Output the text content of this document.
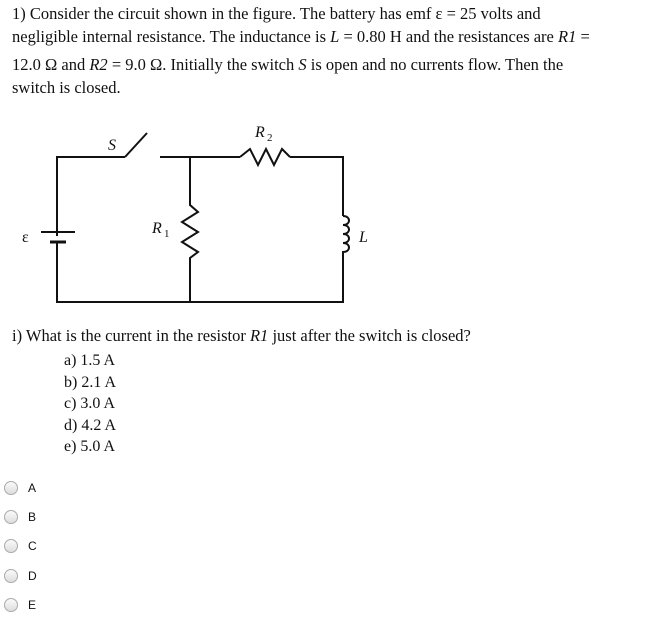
1) Consider the circuit shown in the figure. The battery has emf ε = 25 volts and

negligible internal resistance. The inductance is L = 0.80 H and the resistances are R1 =

12.0 Ω and R2 = 9.0 Ω. Initially the switch S is open and no currents flow. Then the

switch is closed.

S
R 2
R 1
ε	L
i) What is the current in the resistor R1 just after the switch is closed?
a) 1.5 A
b) 2.1 A
c) 3.0 A
d) 4.2 A
e) 5.0 A
A
B
C
D
E
